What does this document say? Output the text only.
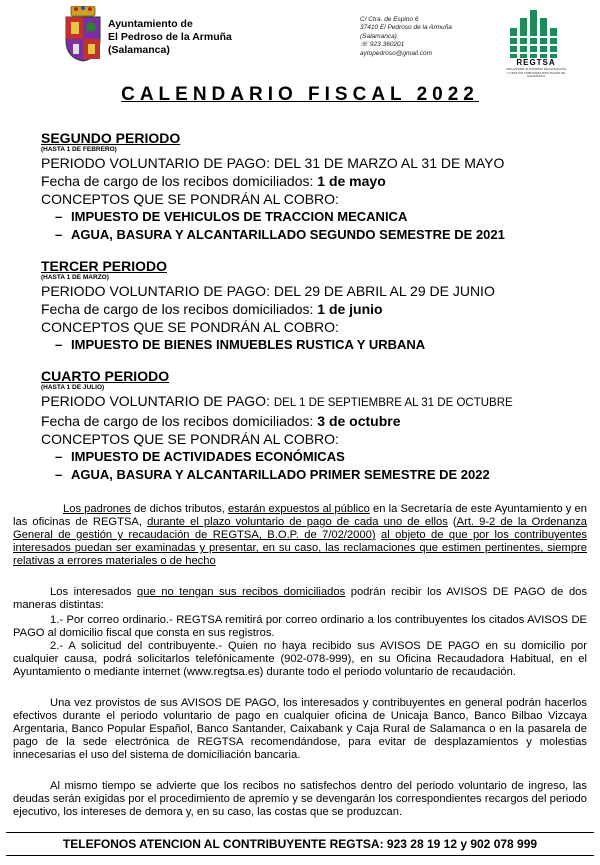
Ayuntamiento de
El Pedroso de la Armuña
(Salamanca)
C/ Ctra. de Espino 6
37410 El Pedroso de la Armuña
(Salamanca)
☏ 923 360201
aytopedroso@gmail.com
REGTSA
ORGANISMO AUTÓNOMO RECAUDACIÓN Y GESTIÓN TRIBUTARIA DIPUTACIÓN DE SALAMANCA
CALENDARIO FISCAL 2022
SEGUNDO PERIODO
(HASTA 1 DE FEBRERO)
PERIODO VOLUNTARIO DE PAGO: DEL 31 DE MARZO AL 31 DE MAYO
Fecha de cargo de los recibos domiciliados: 1 de mayo
CONCEPTOS QUE SE PONDRÁN AL COBRO:
– IMPUESTO DE VEHICULOS DE TRACCION MECANICA
– AGUA, BASURA Y ALCANTARILLADO SEGUNDO SEMESTRE DE 2021
TERCER PERIODO
(HASTA 1 DE MARZO)
PERIODO VOLUNTARIO DE PAGO: DEL 29 DE ABRIL AL 29 DE JUNIO
Fecha de cargo de los recibos domiciliados: 1 de junio
CONCEPTOS QUE SE PONDRÁN AL COBRO:
– IMPUESTO DE BIENES INMUEBLES RUSTICA Y URBANA
CUARTO PERIODO
(HASTA 1 DE JULIO)
PERIODO VOLUNTARIO DE PAGO: DEL 1 DE SEPTIEMBRE AL 31 DE OCTUBRE
Fecha de cargo de los recibos domiciliados: 3 de octubre
CONCEPTOS QUE SE PONDRÁN AL COBRO:
– IMPUESTO DE ACTIVIDADES ECONÓMICAS
– AGUA, BASURA Y ALCANTARILLADO PRIMER SEMESTRE DE 2022
Los padrones de dichos tributos, estarán expuestos al público en la Secretaría de este Ayuntamiento y en las oficinas de REGTSA, durante el plazo voluntario de pago de cada uno de ellos (Art. 9-2 de la Ordenanza General de gestión y recaudación de REGTSA, B.O.P. de 7/02/2000) al objeto de que por los contribuyentes interesados puedan ser examinadas y presentar, en su caso, las reclamaciones que estimen pertinentes, siempre relativas a errores materiales o de hecho
Los interesados que no tengan sus recibos domiciliados podrán recibir los AVISOS DE PAGO de dos maneras distintas:
1.- Por correo ordinario.- REGTSA remitirá por correo ordinario a los contribuyentes los citados AVISOS DE PAGO al domicilio fiscal que consta en sus registros.
2.- A solicitud del contribuyente.- Quien no haya recibido sus AVISOS DE PAGO en su domicilio por cualquier causa, podrá solicitarlos telefónicamente (902-078-999), en su Oficina Recaudadora Habitual, en el Ayuntamiento o mediante internet (www.regtsa.es) durante todo el periodo voluntario de recaudación.
Una vez provistos de sus AVISOS DE PAGO, los interesados y contribuyentes en general podrán hacerlos efectivos durante el periodo voluntario de pago en cualquier oficina de Unicaja Banco, Banco Bilbao Vizcaya Argentaria, Banco Popular Español, Banco Santander, Caixabank y Caja Rural de Salamanca o en la pasarela de pago de la sede electrónica de REGTSA recomendándose, para evitar de desplazamientos y molestias innecesarias el uso del sistema de domiciliación bancaria.
Al mismo tiempo se advierte que los recibos no satisfechos dentro del periodo voluntario de ingreso, las deudas serán exigidas por el procedimiento de apremio y se devengarán los correspondientes recargos del periodo ejecutivo, los intereses de demora y, en su caso, las costas que se produzcan.
TELEFONOS ATENCION AL CONTRIBUYENTE REGTSA: 923 28 19 12 y 902 078 999
